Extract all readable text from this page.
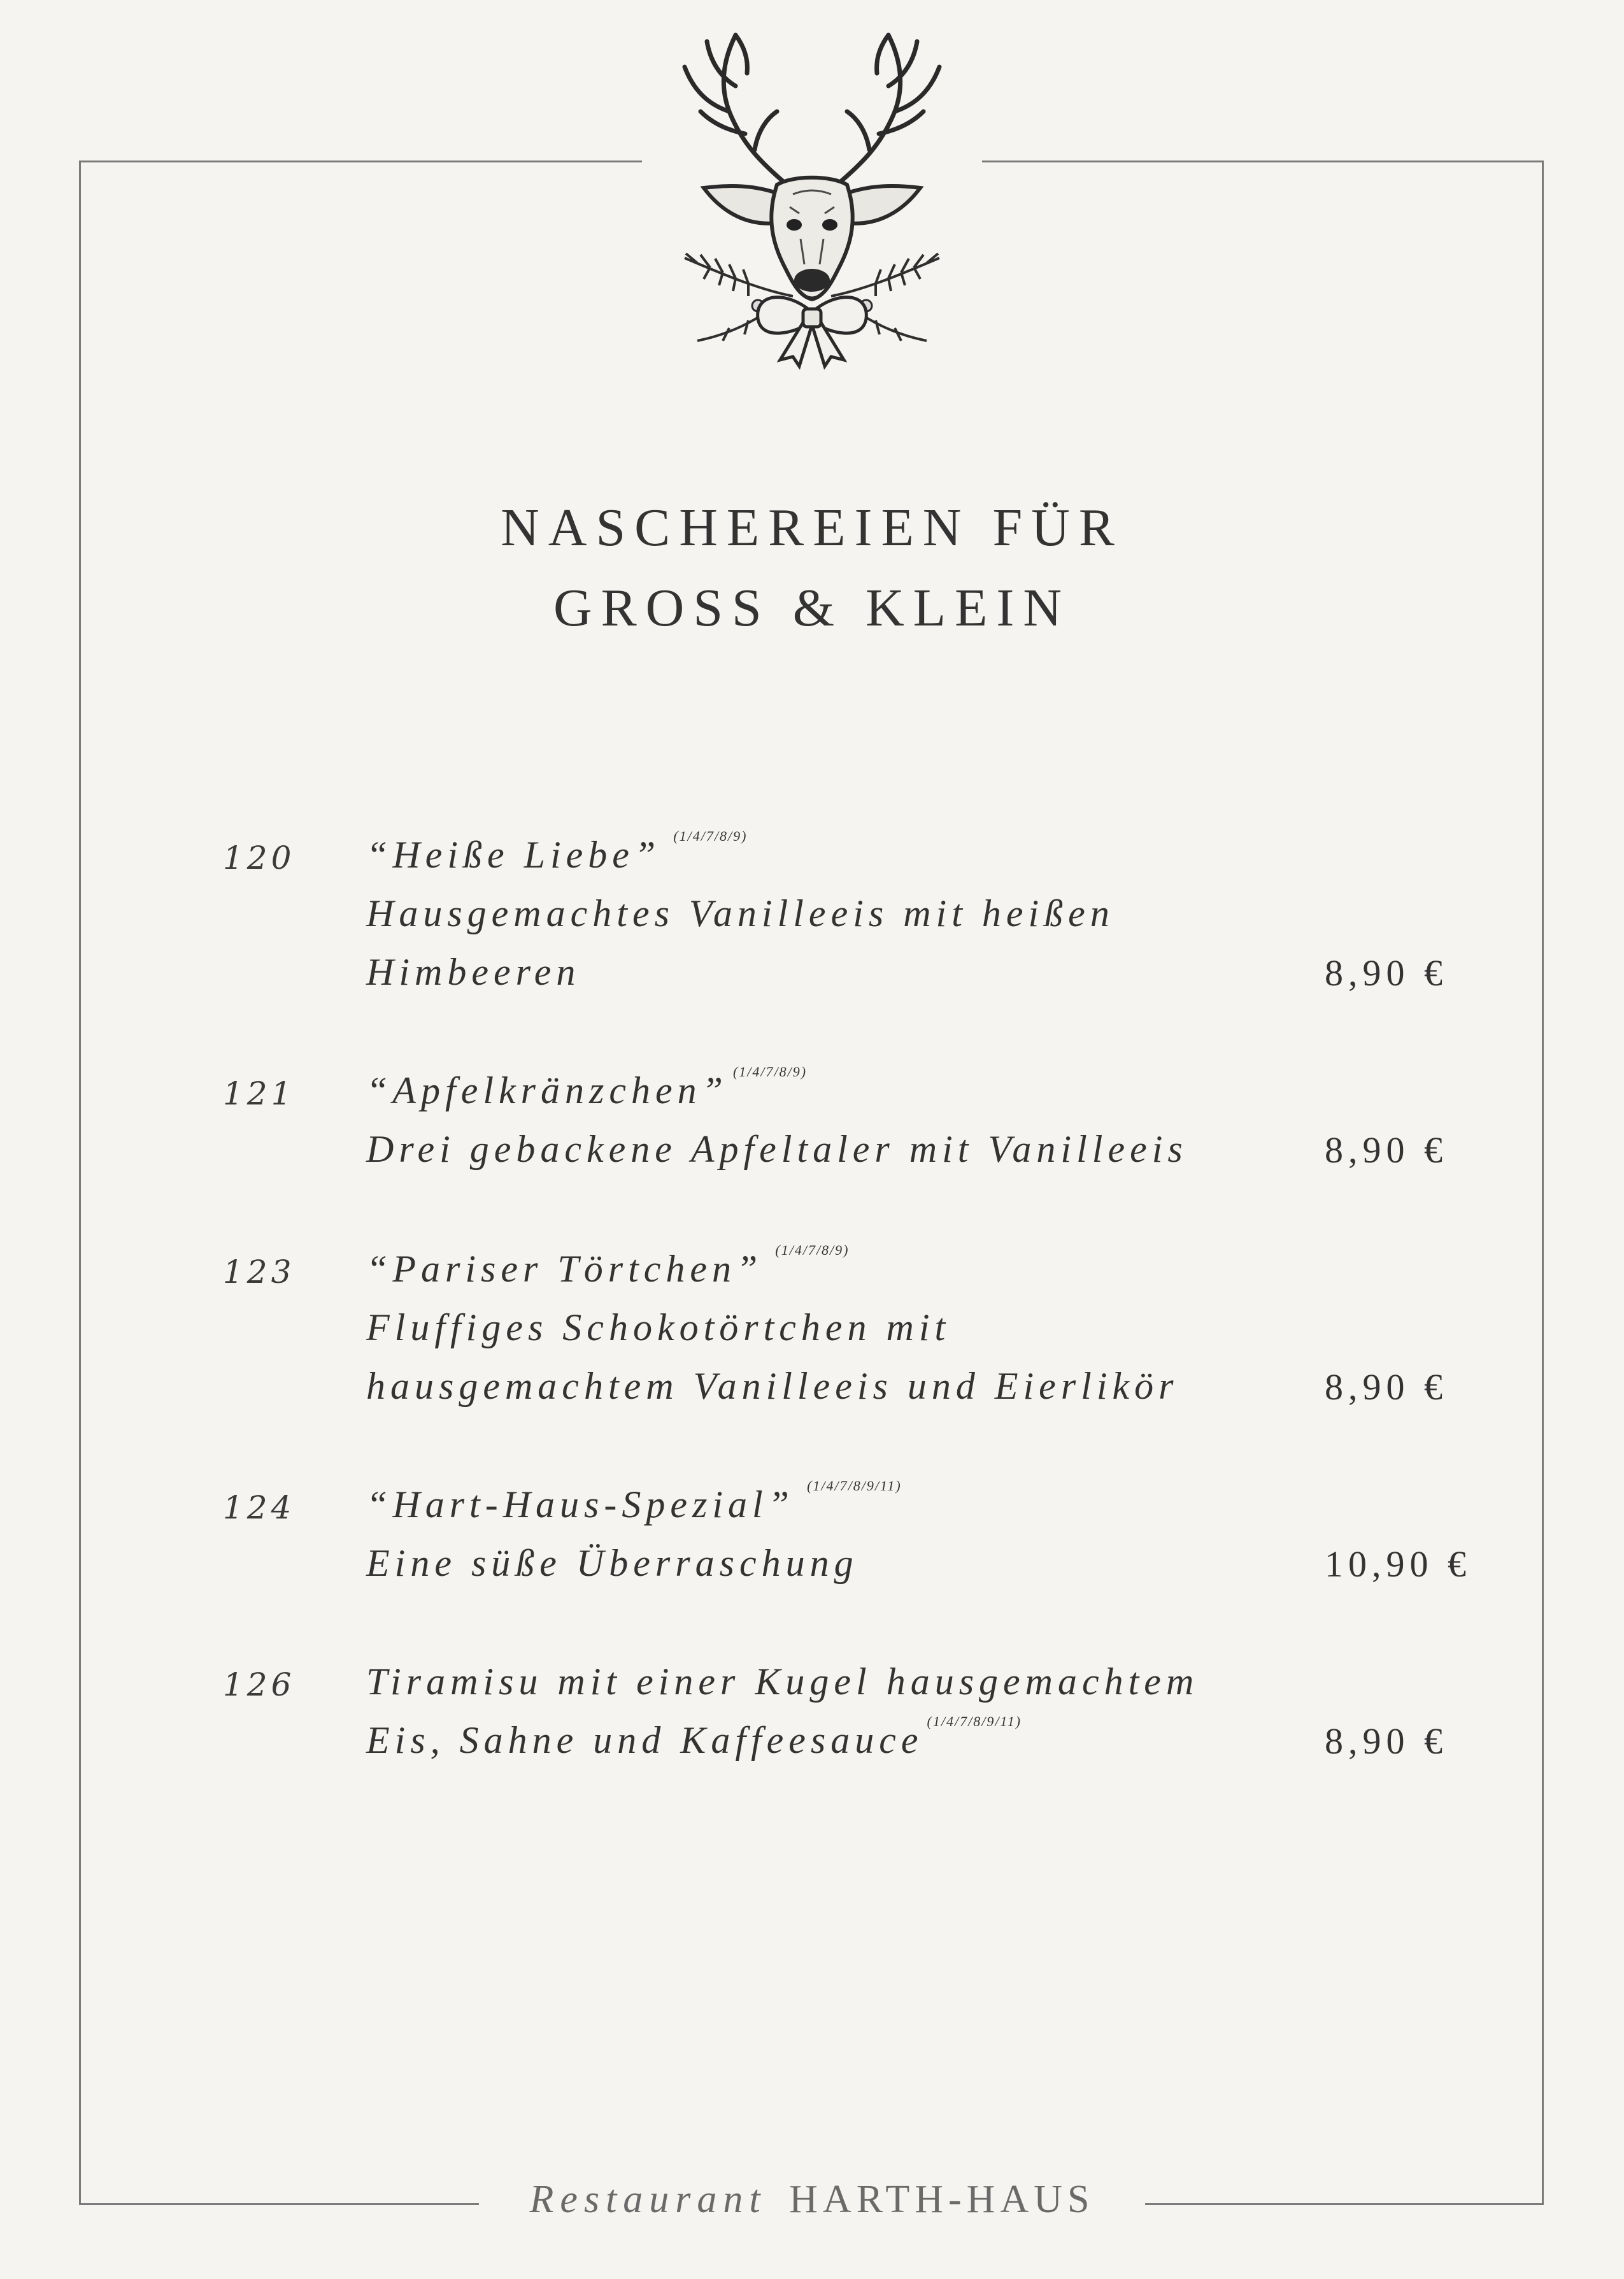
NASCHEREIEN FÜR
GROSS & KLEIN
120 “Heiße Liebe” $^{(1/4/7/8/9)}$
Hausgemachtes Vanilleeis mit heißen
Himbeeren	8,90 €
121 “Apfelkränzchen” $^{(1/4/7/8/9)}$
Drei gebackene Apfeltaler mit Vanilleeis	8,90 €
123 “Pariser Törtchen” $^{(1/4/7/8/9)}$
Fluffiges Schokotörtchen mit
hausgemachtem Vanilleeis und Eierlikör	8,90 €
124 “Hart-Haus-Spezial” $^{(1/4/7/8/9/11)}$
Eine süße Überraschung	10,90 €
126 Tiramisu mit einer Kugel hausgemachtem
Eis, Sahne und Kaffeesauce $^{(1/4/7/8/9/11)}$	8,90 €
Restaurant HARTH-HAUS
